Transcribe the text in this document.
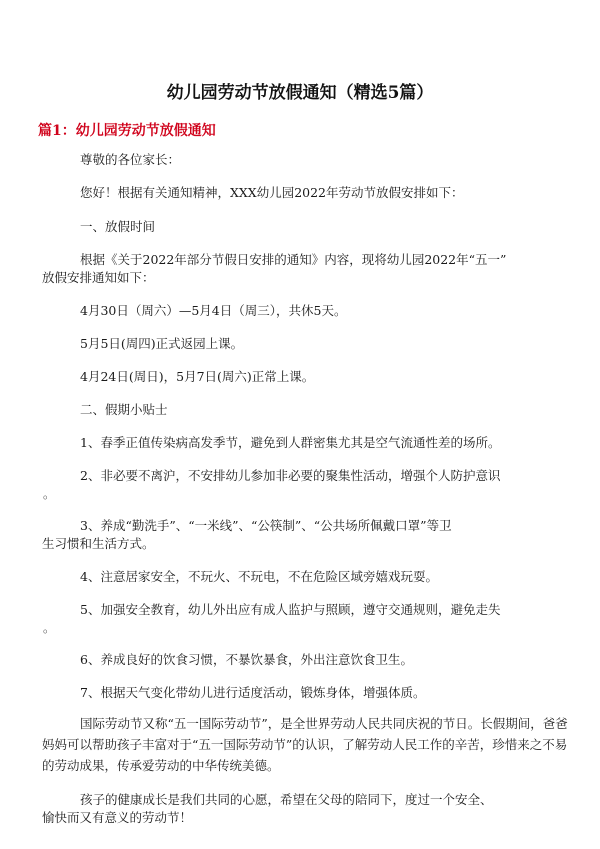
幼儿园劳动节放假通知（精选5篇）
篇1：幼儿园劳动节放假通知
尊敬的各位家长：
您好！根据有关通知精神，XXX幼儿园2022年劳动节放假安排如下：
一、放假时间
根据《关于2022年部分节假日安排的通知》内容，现将幼儿园2022年“五一”
放假安排通知如下：
4月30日（周六）—5月4日（周三），共休5天。
5月5日(周四)正式返园上课。
4月24日(周日)，5月7日(周六)正常上课。
二、假期小贴士
1、春季正值传染病高发季节，避免到人群密集尤其是空气流通性差的场所。
2、非必要不离沪，不安排幼儿参加非必要的聚集性活动，增强个人防护意识
。
3、养成“勤洗手”、“一米线”、“公筷制”、“公共场所佩戴口罩”等卫
生习惯和生活方式。
4、注意居家安全，不玩火、不玩电，不在危险区域旁嬉戏玩耍。
5、加强安全教育，幼儿外出应有成人监护与照顾，遵守交通规则，避免走失
。
6、养成良好的饮食习惯，不暴饮暴食，外出注意饮食卫生。
7、根据天气变化带幼儿进行适度活动，锻炼身体，增强体质。
国际劳动节又称“五一国际劳动节”，是全世界劳动人民共同庆祝的节日。长假期间，爸爸
妈妈可以帮助孩子丰富对于“五一国际劳动节”的认识，了解劳动人民工作的辛苦，珍惜来之不易
的劳动成果，传承爱劳动的中华传统美德。
孩子的健康成长是我们共同的心愿，希望在父母的陪同下，度过一个安全、
愉快而又有意义的劳动节！
